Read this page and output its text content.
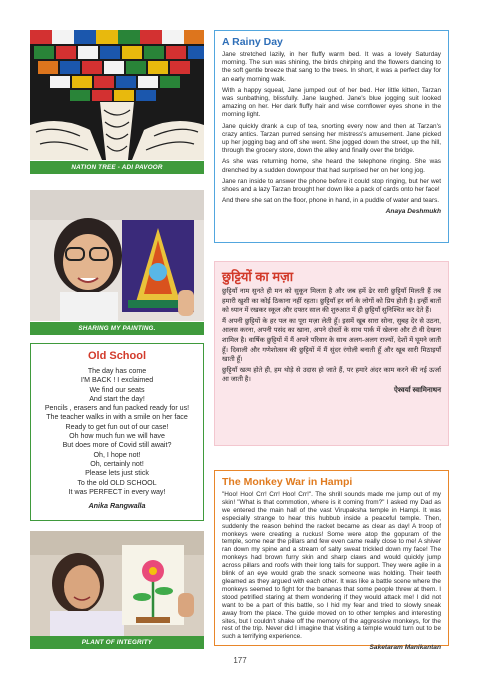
NATION TREE - ADI PAVOOR
SHARING MY PAINTING.
Old School
The day has come
I'M BACK ! I exclaimed
We find our seats
And start the day!
Pencils , erasers and fun packed ready for us!
The teacher walks in with a smile on her face
Ready to get fun out of our case!
Oh how much fun we will have
But does more of Covid still await?
Oh, I hope not!
Oh, certainly not!
Please lets just stick
To the old OLD SCHOOL
It was PERFECT in every way!
Anika Rangwalla
PLANT OF INTEGRITY
A Rainy Day
Jane stretched lazily, in her fluffy warm bed. It was a lovely Saturday morning. The sun was shining, the birds chirping and the flowers dancing to the soft gentle breeze that sang to the trees. In short, it was a perfect day for an early morning walk.
With a happy squeal, Jane jumped out of her bed. Her little kitten, Tarzan was sunbathing, blissfully. Jane laughed. Jane's blue jogging suit looked amazing on her. Her dark fluffy hair and wise cornflower eyes shone in the morning light.
Jane quickly drank a cup of tea, snorting every now and then at Tarzan's crazy antics. Tarzan purred sensing her mistress's amusement. Jane picked up her jogging bag and off she went. She jogged down the street, up the hill, through the grocery store, down the alley and finally over the bridge.
As she was returning home, she heard the telephone ringing. She was drenched by a sudden downpour that had surprised her on her long jog.
Jane ran inside to answer the phone before it could stop ringing, but her wet shoes and a lazy Tarzan brought her down like a pack of cards onto her face!
And there she sat on the floor, phone in hand, in a puddle of water and tears.
Anaya Deshmukh
छुट्टियों का मज़ा
छुट्टियाँ नाम सुनते ही मन को सुकून मिलता है और जब हमें ढेर सारी छुट्टियाँ मिलती हैं तब हमारी खुशी का कोई ठिकाना नहीं रहता। छुट्टियाँ हर वर्ग के लोगों को प्रिय होती है। इन्हीं बातों को ध्यान में रखकर स्कूल और दफ्तर साल की शुरुआत में ही छुट्टियाँ सुनिश्चित कर देते हैं।
मैं अपनी छुट्टियों के हर पल का पूरा मज़ा लेती हूँ। इसमें खूब सारा सोना, सुबह देर से उठना, आलस करना, अपनी पसंद का खाना, अपने दोस्तों के साथ पार्क में खेलना और टी वी देखना शामिल है। वार्षिक छुट्टियों में मैं अपने परिवार के साथ अलग-अलग राज्यों, देशों में घूमने जाती हूँ। दिवाली और गणेशोत्सव की छुट्टियों में मैं सुंदर रंगोली बनाती हूँ और खूब सारी मिठाइयाँ खाती हूँ।
छुट्टियाँ खत्म होते ही, हम थोड़े से उदास हो जाते हैं, पर हमारे अंदर काम करने की नई ऊर्जा आ जाती है।
ऐश्वर्या स्वामिनाथन
The Monkey War in Hampi
"Hoo! Hoo! Crr! Crr! Hoo! Crr!". The shrill sounds made me jump out of my skin! "What is that commotion, where is it coming from?" I asked my Dad as we entered the main hall of the vast Virupaksha temple in Hampi. It was especially strange to hear this hubbub inside a peaceful temple. Then, suddenly the reason behind the racket became as clear as day! A troop of monkeys were creating a ruckus! Some were atop the gopuram of the temple, some near the pillars and few even came really close to me! A shiver ran down my spine and a stream of salty sweat trickled down my face! The monkeys had brown furry skin and sharp claws and would quickly jump across pillars and roofs with their long tails for support. They were agile in a blink of an eye would grab the snack someone was holding. Their teeth gleamed as they argued with each other. It was like a battle scene where the monkeys seemed to fight for the bananas that some people threw at them. I stood petrified staring at them wondering if they would attack me! I did not want to be a part of this battle, so I hid my fear and tried to slowly sneak away from the place. The guide moved on to other temples and interesting sites, but I couldn't shake off the memory of the aggressive monkeys, for the rest of the trip. Never did I imagine that visiting a temple would turn out to be such a terrifying experience.
Saketaram Manikantan
177
